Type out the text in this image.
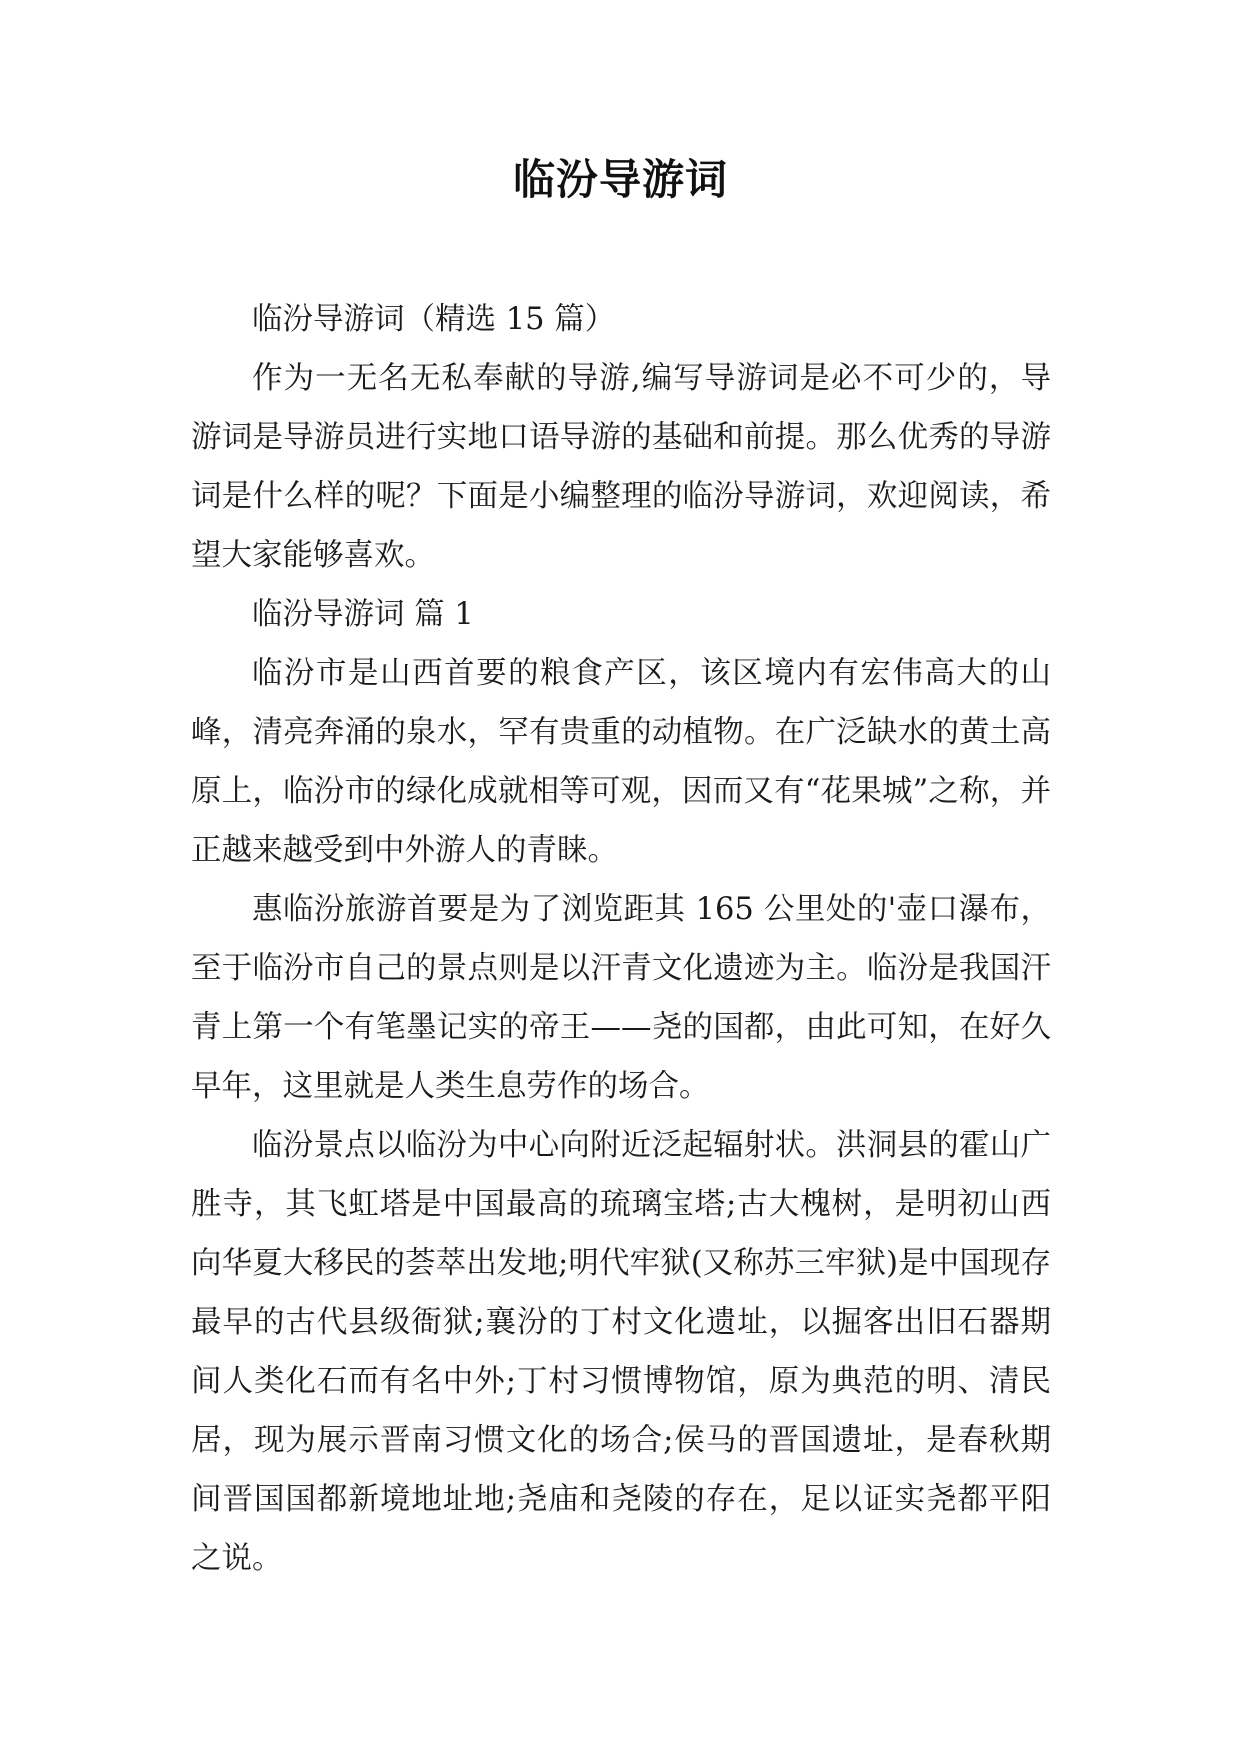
临汾导游词

临汾导游词（精选 15 篇）

作为一无名无私奉献的导游,编写导游词是必不可少的，导游词是导游员进行实地口语导游的基础和前提。那么优秀的导游词是什么样的呢？下面是小编整理的临汾导游词，欢迎阅读，希望大家能够喜欢。

临汾导游词 篇 1

临汾市是山西首要的粮食产区，该区境内有宏伟高大的山峰，清亮奔涌的泉水，罕有贵重的动植物。在广泛缺水的黄土高原上，临汾市的绿化成就相等可观，因而又有“花果城”之称，并正越来越受到中外游人的青睐。

惠临汾旅游首要是为了浏览距其 165 公里处的'壶口瀑布，至于临汾市自己的景点则是以汗青文化遗迹为主。临汾是我国汗青上第一个有笔墨记实的帝王——尧的国都，由此可知，在好久早年，这里就是人类生息劳作的场合。

临汾景点以临汾为中心向附近泛起辐射状。洪洞县的霍山广胜寺，其飞虹塔是中国最高的琉璃宝塔;古大槐树，是明初山西向华夏大移民的荟萃出发地;明代牢狱(又称苏三牢狱)是中国现存最早的古代县级衙狱;襄汾的丁村文化遗址，以掘客出旧石器期间人类化石而有名中外;丁村习惯博物馆，原为典范的明、清民居，现为展示晋南习惯文化的场合;侯马的晋国遗址，是春秋期间晋国国都新境地址地;尧庙和尧陵的存在，足以证实尧都平阳之说。
